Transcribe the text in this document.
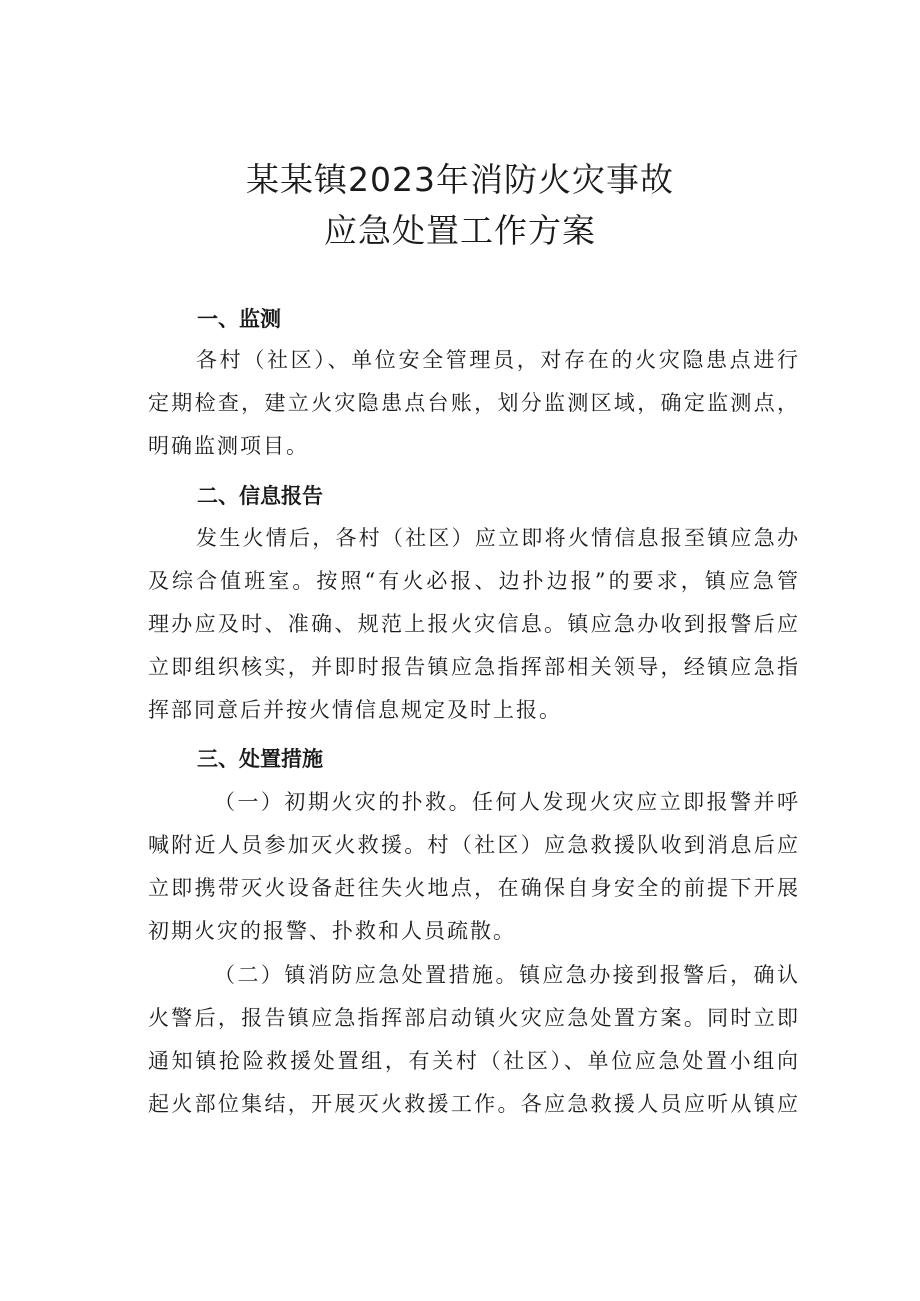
某某镇2023年消防火灾事故
应急处置工作方案
一、监测
各村（社区）、单位安全管理员，对存在的火灾隐患点进行
定期检查，建立火灾隐患点台账，划分监测区域，确定监测点，
明确监测项目。
二、信息报告
发生火情后，各村（社区）应立即将火情信息报至镇应急办
及综合值班室。按照“有火必报、边扑边报”的要求，镇应急管
理办应及时、准确、规范上报火灾信息。镇应急办收到报警后应
立即组织核实，并即时报告镇应急指挥部相关领导，经镇应急指
挥部同意后并按火情信息规定及时上报。
三、处置措施
（一）初期火灾的扑救。任何人发现火灾应立即报警并呼
喊附近人员参加灭火救援。村（社区）应急救援队收到消息后应
立即携带灭火设备赶往失火地点，在确保自身安全的前提下开展
初期火灾的报警、扑救和人员疏散。
（二）镇消防应急处置措施。镇应急办接到报警后，确认
火警后，报告镇应急指挥部启动镇火灾应急处置方案。同时立即
通知镇抢险救援处置组，有关村（社区）、单位应急处置小组向
起火部位集结，开展灭火救援工作。各应急救援人员应听从镇应
